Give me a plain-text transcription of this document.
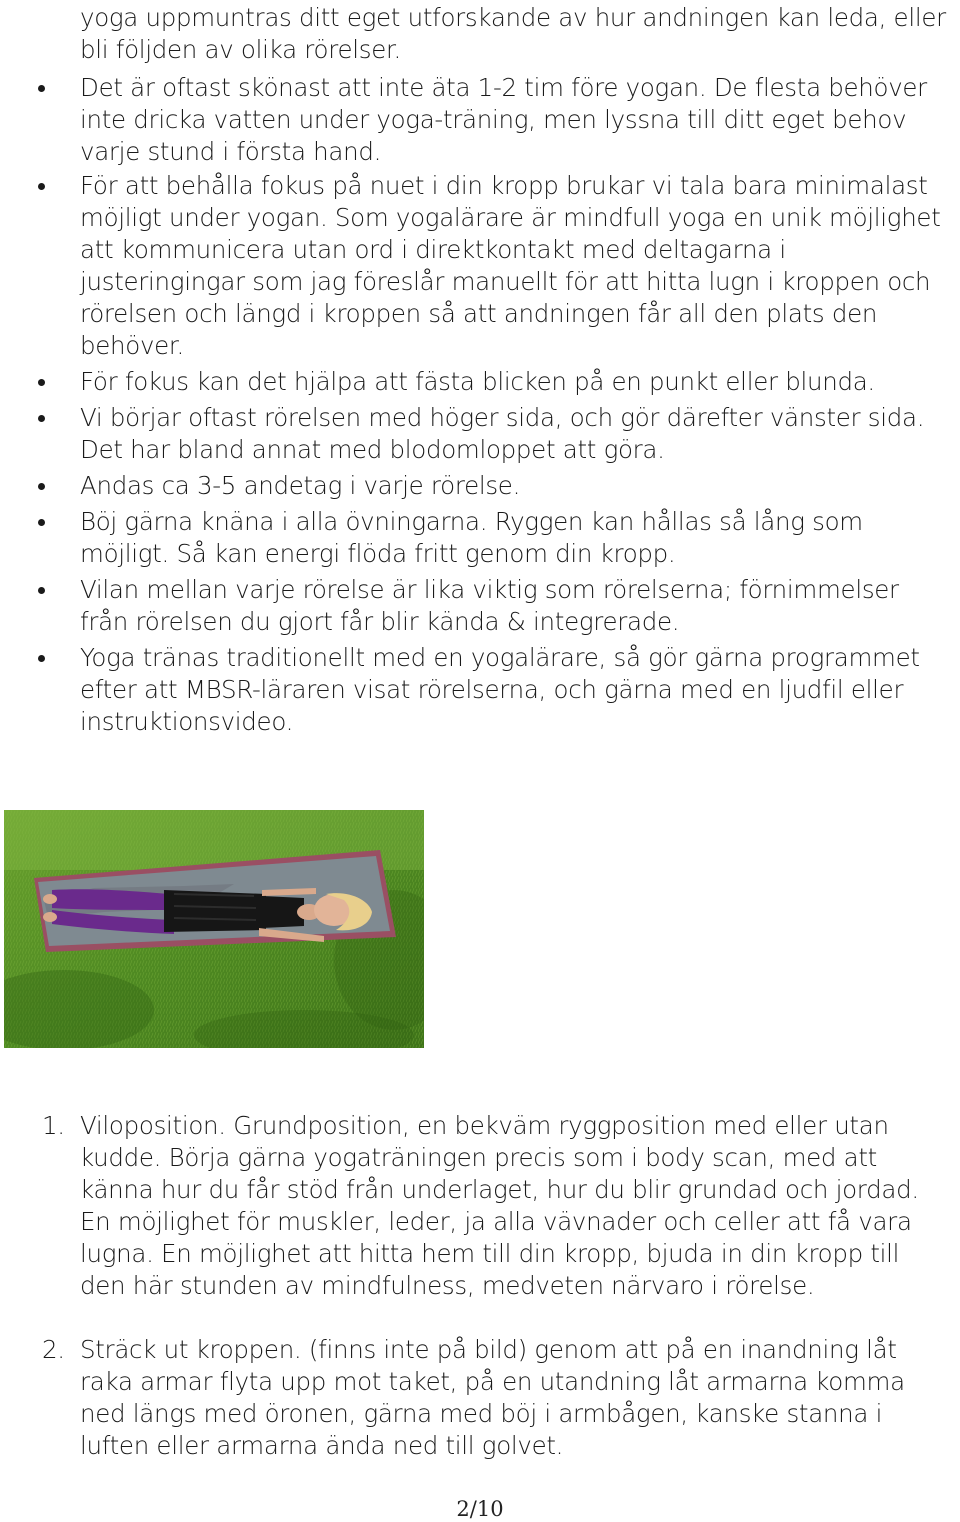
yoga uppmuntras ditt eget utforskande av hur andningen kan leda, eller bli följden av olika rörelser.

Det är oftast skönast att inte äta 1-2 tim före yogan. De flesta behöver inte dricka vatten under yoga-träning, men lyssna till ditt eget behov varje stund i första hand.
För att behålla fokus på nuet i din kropp brukar vi tala bara minimalast möjligt under yogan. Som yogalärare är mindfull yoga en unik möjlighet att kommunicera utan ord i direktkontakt med deltagarna i justeringingar som jag föreslår manuellt för att hitta lugn i kroppen och rörelsen och längd i kroppen så att andningen får all den plats den behöver.
För fokus kan det hjälpa att fästa blicken på en punkt eller blunda.
Vi börjar oftast rörelsen med höger sida, och gör därefter vänster sida. Det har bland annat med blodomloppet att göra.
Andas ca 3-5 andetag i varje rörelse.
Böj gärna knäna i alla övningarna. Ryggen kan hållas så lång som möjligt. Så kan energi flöda fritt genom din kropp.
Vilan mellan varje rörelse är lika viktig som rörelserna; förnimmelser från rörelsen du gjort får blir kända & integrerade.
Yoga tränas traditionellt med en yogalärare, så gör gärna programmet efter att MBSR-läraren visat rörelserna, och gärna med en ljudfil eller instruktionsvideo.
1. Viloposition. Grundposition, en bekväm ryggposition med eller utan kudde. Börja gärna yogaträningen precis som i body scan, med att känna hur du får stöd från underlaget, hur du blir grundad och jordad. En möjlighet för muskler, leder, ja alla vävnader och celler att få vara lugna. En möjlighet att hitta hem till din kropp, bjuda in din kropp till den här stunden av mindfulness, medveten närvaro i rörelse.
2. Sträck ut kroppen. (finns inte på bild) genom att på en inandning låt raka armar flyta upp mot taket, på en utandning låt armarna komma ned längs med öronen, gärna med böj i armbågen, kanske stanna i luften eller armarna ända ned till golvet.
2/10
